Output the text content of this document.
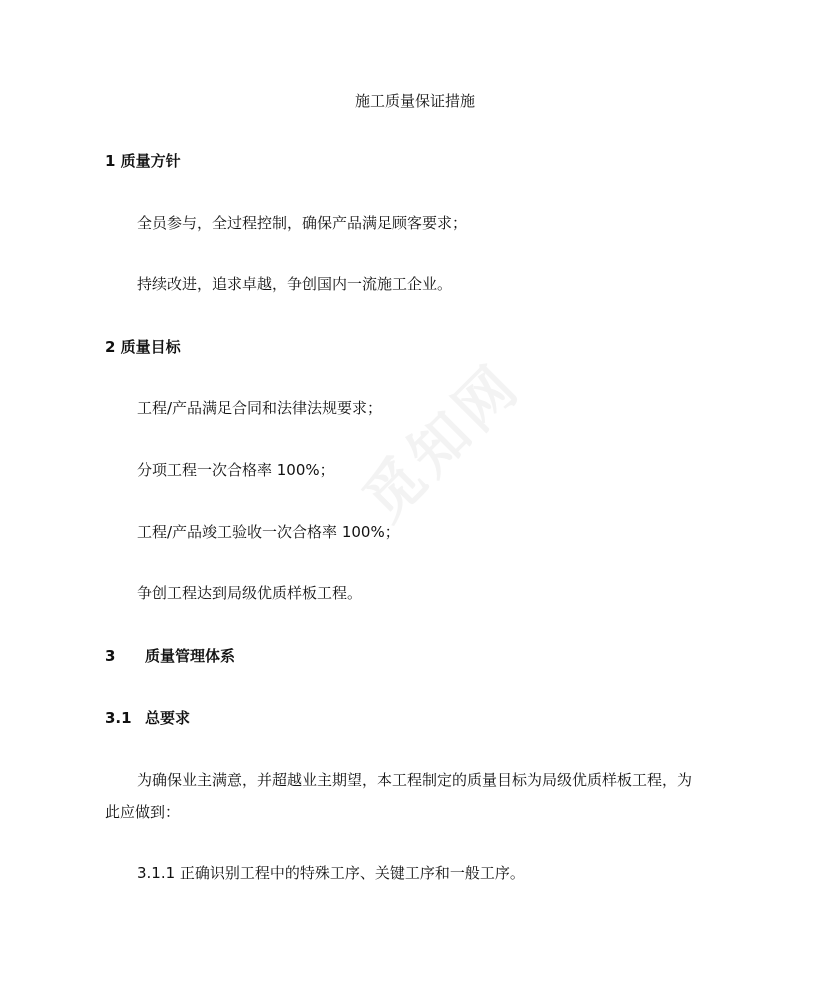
觅知网
施工质量保证措施
1 质量方针
全员参与，全过程控制，确保产品满足顾客要求；
持续改进，追求卓越，争创国内一流施工企业。
2 质量目标
工程/产品满足合同和法律法规要求；
分项工程一次合格率 100%；
工程/产品竣工验收一次合格率 100%；
争创工程达到局级优质样板工程。
3 质量管理体系
3.1 总要求
为确保业主满意，并超越业主期望，本工程制定的质量目标为局级优质样板工程，为
此应做到：
3.1.1 正确识别工程中的特殊工序、关键工序和一般工序。
